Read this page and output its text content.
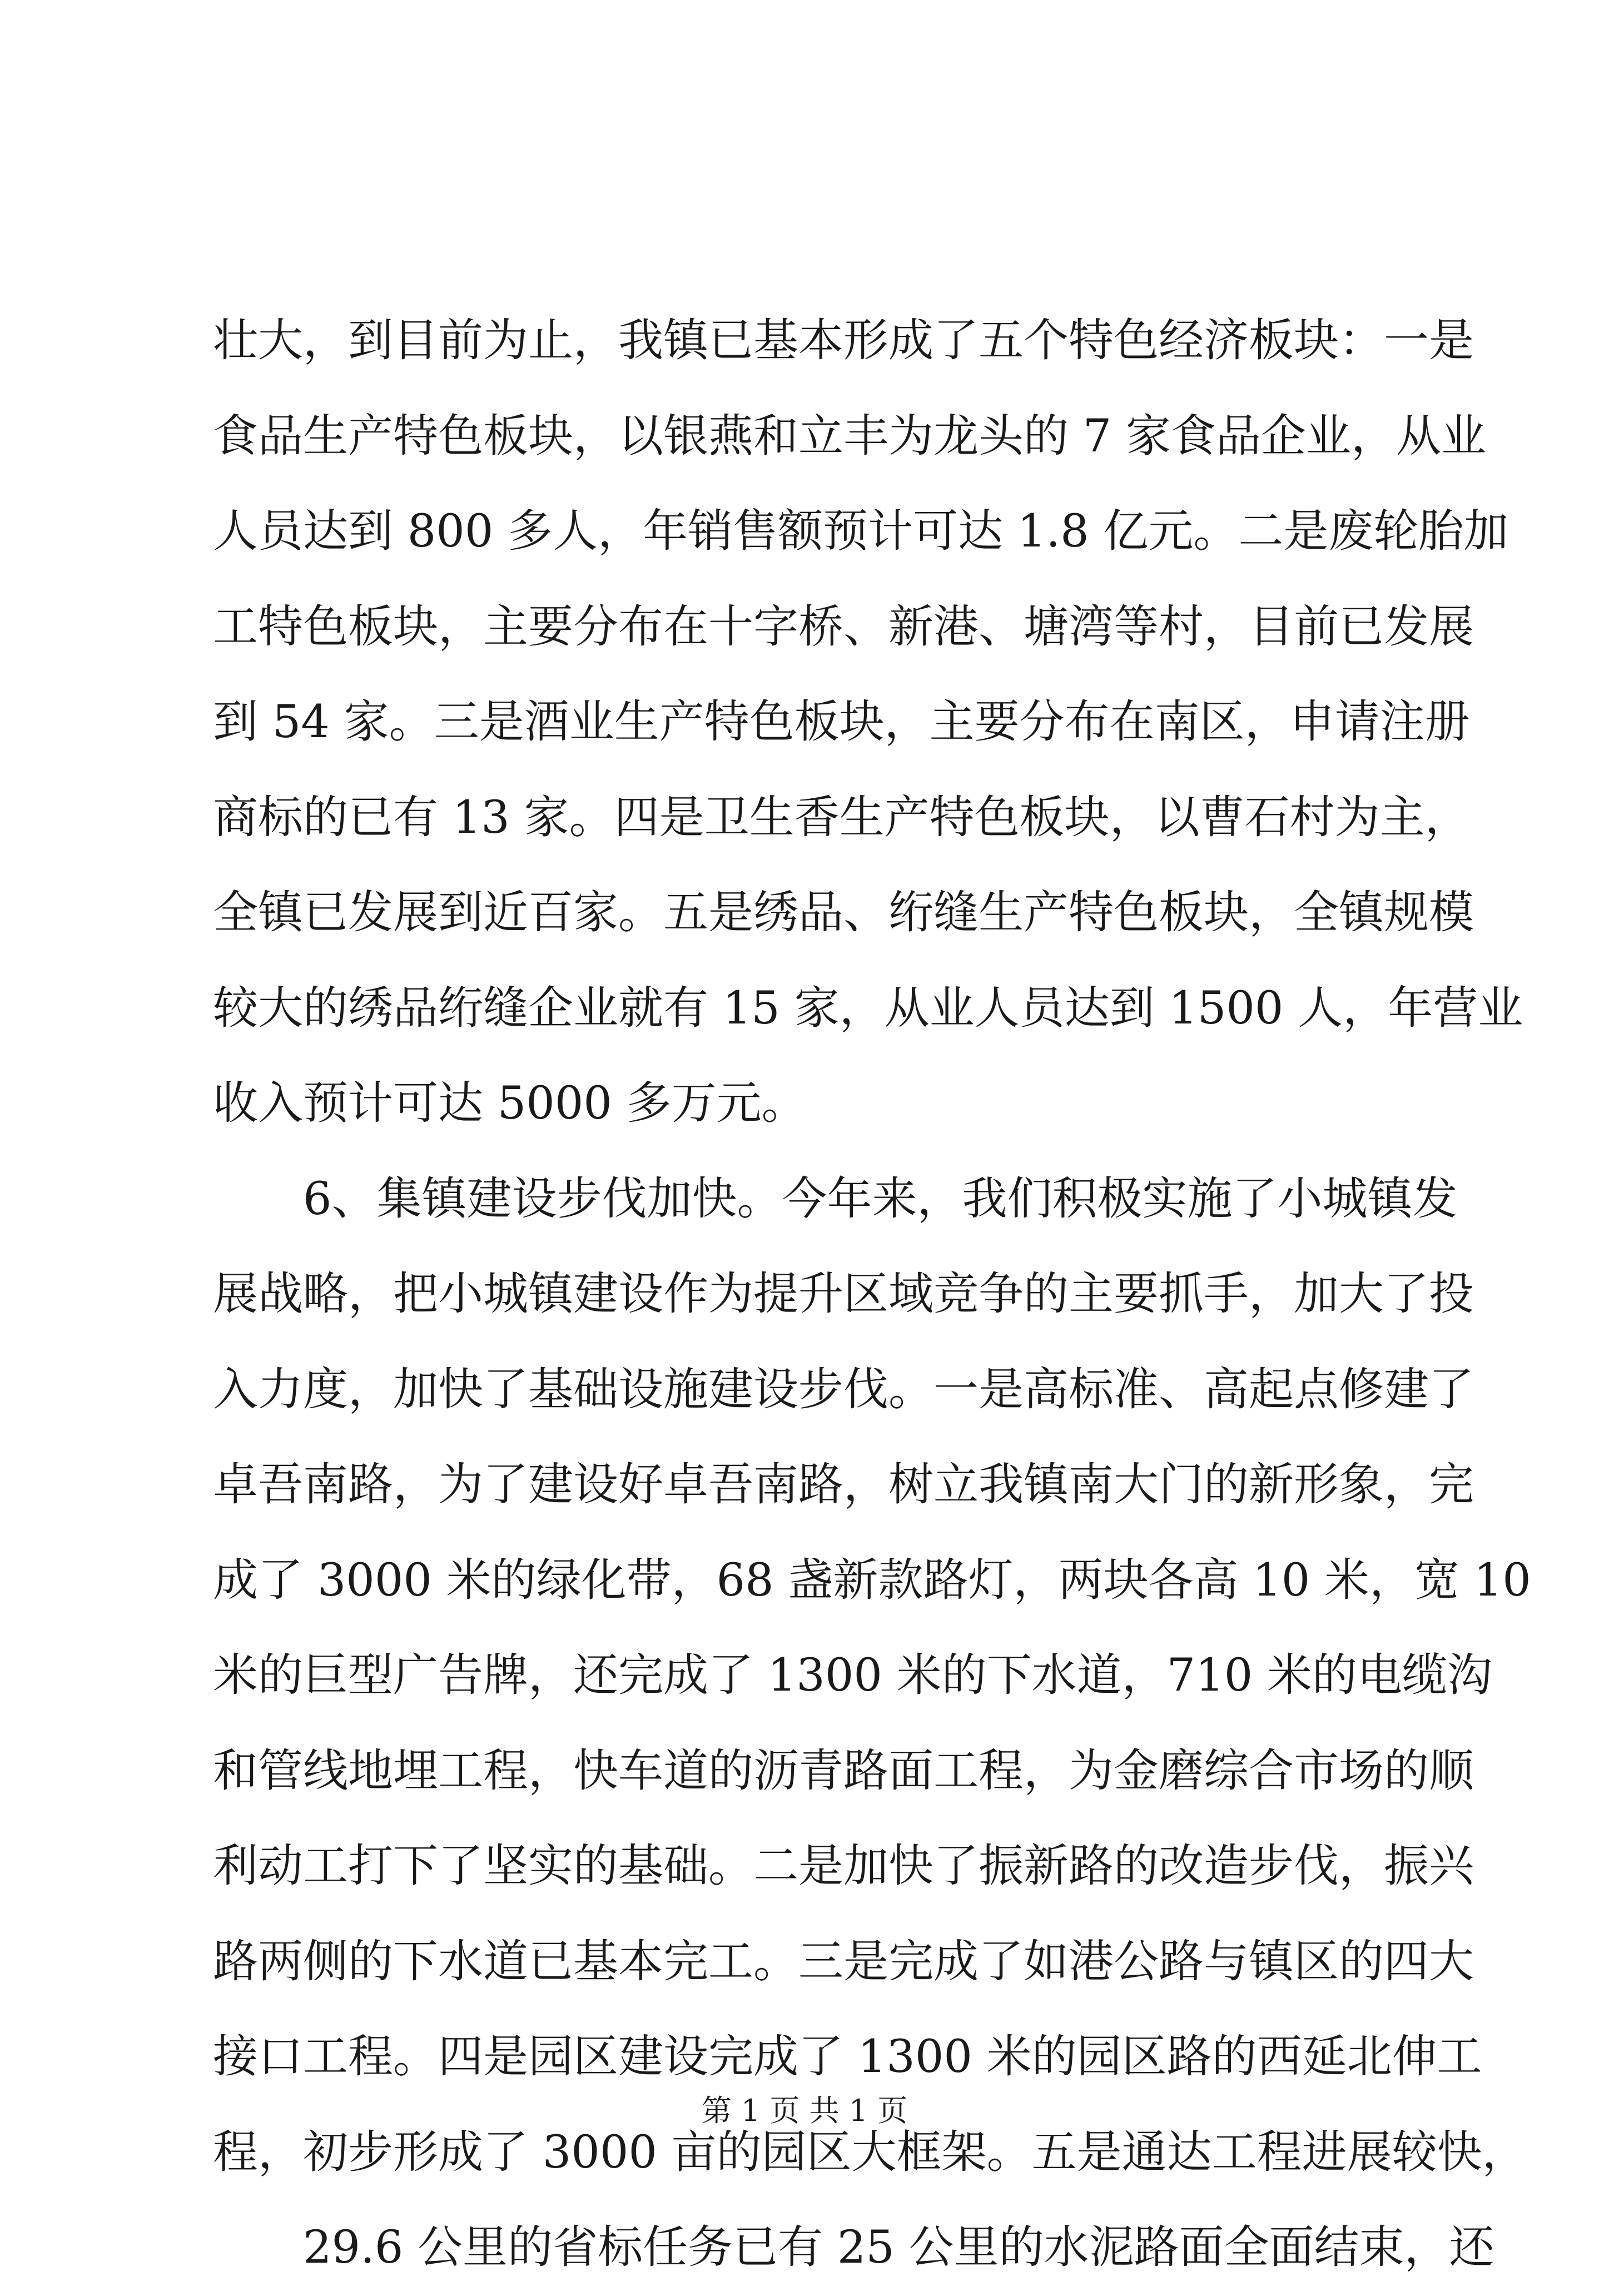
壮大，到目前为止，我镇已基本形成了五个特色经济板块：一是
食品生产特色板块，以银燕和立丰为龙头的 7 家食品企业，从业
人员达到 800 多人，年销售额预计可达 1.8 亿元。二是废轮胎加
工特色板块，主要分布在十字桥、新港、塘湾等村，目前已发展
到 54 家。三是酒业生产特色板块，主要分布在南区，申请注册
商标的已有 13 家。四是卫生香生产特色板块，以曹石村为主，
全镇已发展到近百家。五是绣品、绗缝生产特色板块，全镇规模
较大的绣品绗缝企业就有 15 家，从业人员达到 1500 人，年营业
收入预计可达 5000 多万元。
6、集镇建设步伐加快。今年来，我们积极实施了小城镇发
展战略，把小城镇建设作为提升区域竞争的主要抓手，加大了投
入力度，加快了基础设施建设步伐。一是高标准、高起点修建了
卓吾南路，为了建设好卓吾南路，树立我镇南大门的新形象，完
成了 3000 米的绿化带，68 盏新款路灯，两块各高 10 米，宽 10
米的巨型广告牌，还完成了 1300 米的下水道，710 米的电缆沟
和管线地埋工程，快车道的沥青路面工程，为金磨综合市场的顺
利动工打下了坚实的基础。二是加快了振新路的改造步伐，振兴
路两侧的下水道已基本完工。三是完成了如港公路与镇区的四大
接口工程。四是园区建设完成了 1300 米的园区路的西延北伸工
程，初步形成了 3000 亩的园区大框架。五是通达工程进展较快，
29.6 公里的省标任务已有 25 公里的水泥路面全面结束，还
第 1 页 共 1 页
